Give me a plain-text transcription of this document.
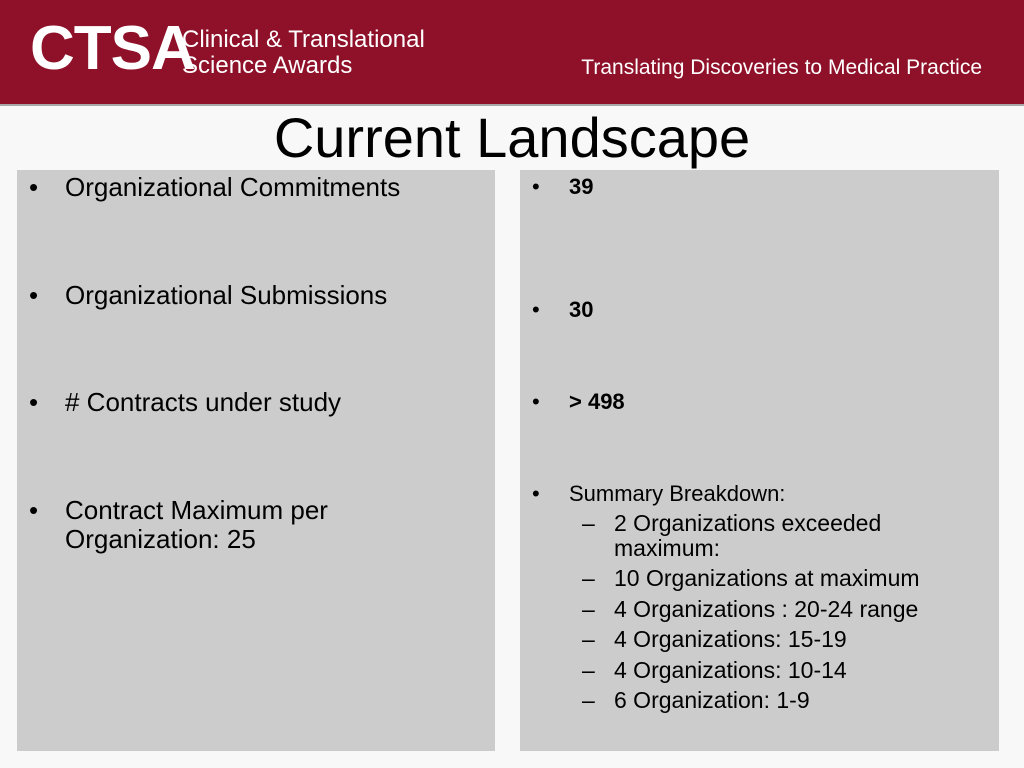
CTSA
Clinical & Translational
Science Awards	Translating Discoveries to Medical Practice
Current Landscape
• Organizational Commitments
• Organizational Submissions
• # Contracts under study
• Contract Maximum per Organization: 25
• 39
• 30
• > 498
• Summary Breakdown:
– 2 Organizations exceeded maximum:
– 10 Organizations at maximum
– 4 Organizations : 20-24 range
– 4 Organizations: 15-19
– 4 Organizations: 10-14
– 6 Organization: 1-9
